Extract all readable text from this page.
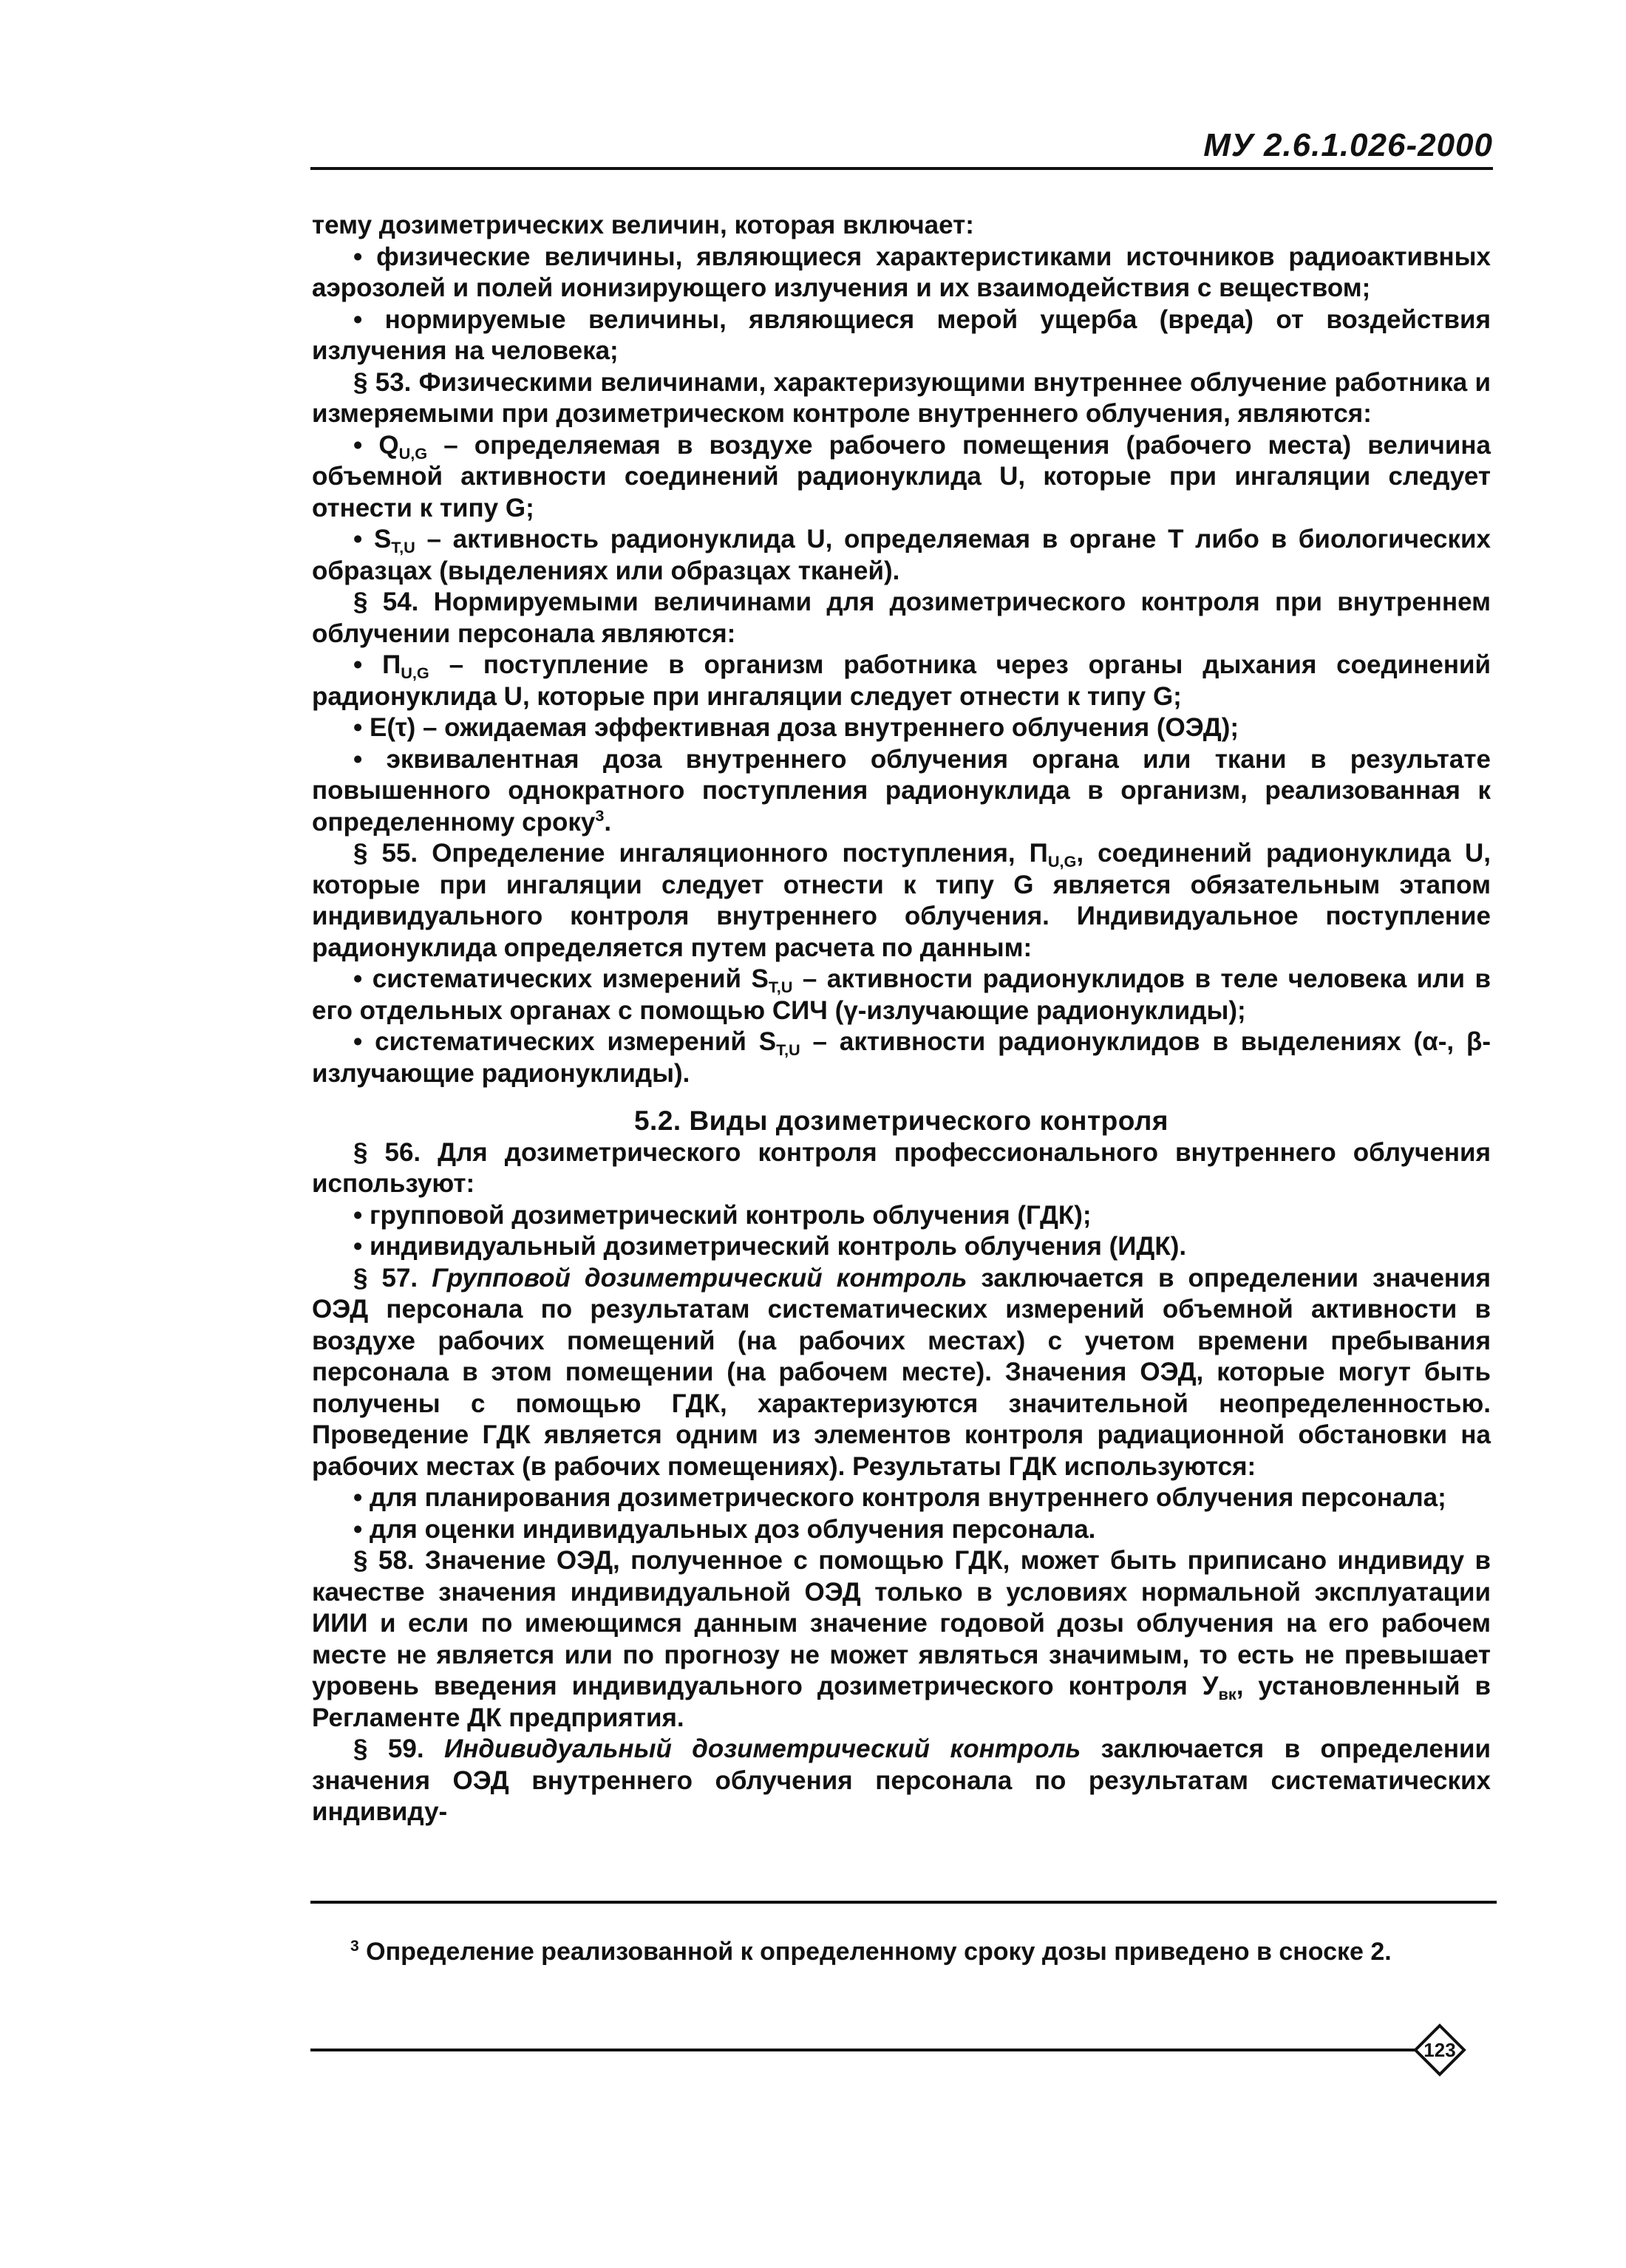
МУ 2.6.1.026-2000

тему дозиметрических величин, которая включает:

• физические величины, являющиеся характеристиками источников радиоактивных аэрозолей и полей ионизирующего излучения и их взаимодействия с веществом;

• нормируемые величины, являющиеся мерой ущерба (вреда) от воздействия излучения на человека;

§ 53. Физическими величинами, характеризующими внутреннее облучение работника и измеряемыми при дозиметрическом контроле внутреннего облучения, являются:

• $Q_{U,G}$ – определяемая в воздухе рабочего помещения (рабочего места) величина объемной активности соединений радионуклида U, которые при ингаляции следует отнести к типу G;

• $S_{T,U}$ – активность радионуклида U, определяемая в органе T либо в биологических образцах (выделениях или образцах тканей).

§ 54. Нормируемыми величинами для дозиметрического контроля при внутреннем облучении персонала являются:

• $П_{U,G}$ – поступление в организм работника через органы дыхания соединений радионуклида U, которые при ингаляции следует отнести к типу G;

• E(τ) – ожидаемая эффективная доза внутреннего облучения (ОЭД);

• эквивалентная доза внутреннего облучения органа или ткани в результате повышенного однократного поступления радионуклида в организм, реализованная к определенному сроку$^3$.

§ 55. Определение ингаляционного поступления, $П_{U,G}$, соединений радионуклида U, которые при ингаляции следует отнести к типу G является обязательным этапом индивидуального контроля внутреннего облучения. Индивидуальное поступление радионуклида определяется путем расчета по данным:

• систематических измерений $S_{T,U}$ – активности радионуклидов в теле человека или в его отдельных органах с помощью СИЧ (γ-излучающие радионуклиды);

• систематических измерений $S_{T,U}$ – активности радионуклидов в выделениях (α-, β-излучающие радионуклиды).

5.2. Виды дозиметрического контроля

§ 56. Для дозиметрического контроля профессионального внутреннего облучения используют:

• групповой дозиметрический контроль облучения (ГДК);

• индивидуальный дозиметрический контроль облучения (ИДК).

§ 57. Групповой дозиметрический контроль заключается в определении значения ОЭД персонала по результатам систематических измерений объемной активности в воздухе рабочих помещений (на рабочих местах) с учетом времени пребывания персонала в этом помещении (на рабочем месте). Значения ОЭД, которые могут быть получены с помощью ГДК, характеризуются значительной неопределенностью. Проведение ГДК является одним из элементов контроля радиационной обстановки на рабочих местах (в рабочих помещениях). Результаты ГДК используются:

• для планирования дозиметрического контроля внутреннего облучения персонала;

• для оценки индивидуальных доз облучения персонала.

§ 58. Значение ОЭД, полученное с помощью ГДК, может быть приписано индивиду в качестве значения индивидуальной ОЭД только в условиях нормальной эксплуатации ИИИ и если по имеющимся данным значение годовой дозы облучения на его рабочем месте не является или по прогнозу не может являться значимым, то есть не превышает уровень введения индивидуального дозиметрического контроля $У_{вк}$, установленный в Регламенте ДК предприятия.

§ 59. Индивидуальный дозиметрический контроль заключается в определении значения ОЭД внутреннего облучения персонала по результатам систематических индивиду-

$^3$ Определение реализованной к определенному сроку дозы приведено в сноске 2.
123
